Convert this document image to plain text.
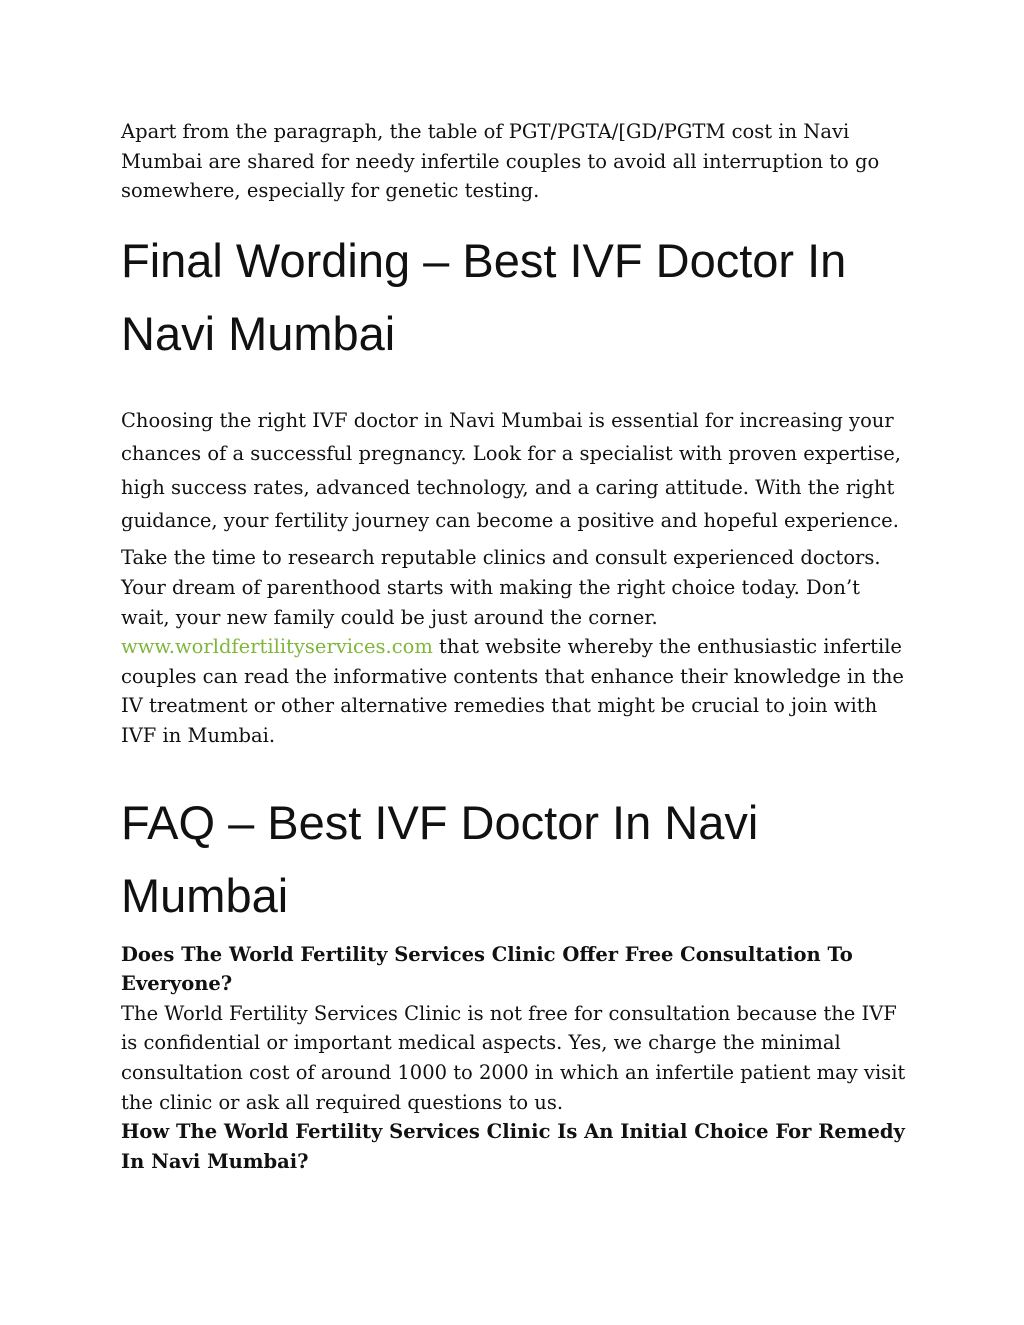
Apart from the paragraph, the table of PGT/PGTA/[GD/PGTM cost in Navi Mumbai are shared for needy infertile couples to avoid all interruption to go somewhere, especially for genetic testing.

Final Wording – Best IVF Doctor In Navi Mumbai

Choosing the right IVF doctor in Navi Mumbai is essential for increasing your chances of a successful pregnancy. Look for a specialist with proven expertise, high success rates, advanced technology, and a caring attitude. With the right guidance, your fertility journey can become a positive and hopeful experience.

Take the time to research reputable clinics and consult experienced doctors. Your dream of parenthood starts with making the right choice today. Don’t wait, your new family could be just around the corner. www.worldfertilityservices.com that website whereby the enthusiastic infertile couples can read the informative contents that enhance their knowledge in the IV treatment or other alternative remedies that might be crucial to join with IVF in Mumbai.

FAQ – Best IVF Doctor In Navi Mumbai
Does The World Fertility Services Clinic Offer Free Consultation To Everyone?
The World Fertility Services Clinic is not free for consultation because the IVF is confidential or important medical aspects. Yes, we charge the minimal consultation cost of around 1000 to 2000 in which an infertile patient may visit the clinic or ask all required questions to us.
How The World Fertility Services Clinic Is An Initial Choice For Remedy In Navi Mumbai?
